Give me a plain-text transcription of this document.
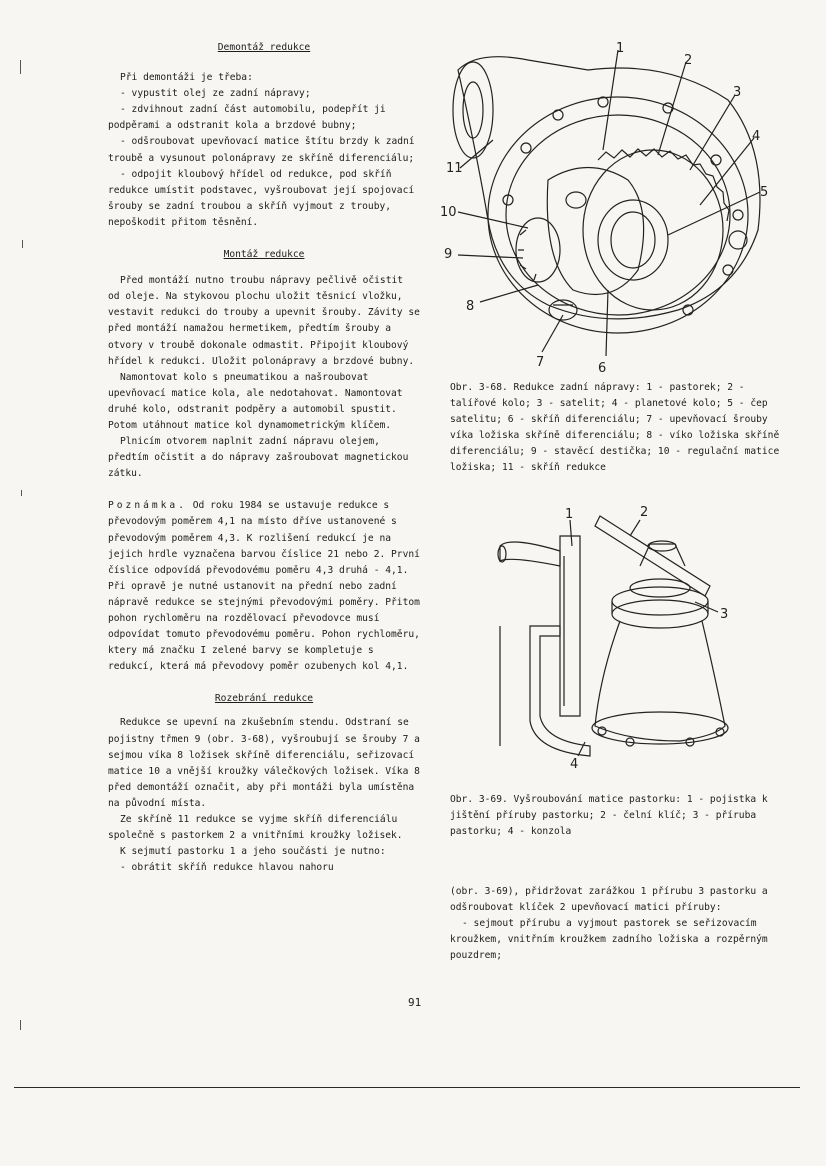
Demontáž redukce

Při demontáži je třeba:

- vypustit olej ze zadní nápravy;

- zdvihnout zadní část automobilu, podepřít ji podpěrami a odstranit kola a brzdové bubny;

- odšroubovat upevňovací matice štítu brzdy k zadní troubě a vysunout polonápravy ze skříně diferenciálu;

- odpojit kloubový hřídel od redukce, pod skříň redukce umístit podstavec, vyšroubovat její spojovací šrouby se zadní troubou a skříň vyjmout z trouby, nepoškodit přitom těsnění.

Montáž redukce

Před montáží nutno troubu nápravy pečlivě očistit od oleje. Na stykovou plochu uložit těsnicí vložku, vestavit redukci do trouby a upevnit šrouby. Závity se před montáží namažou hermetikem, předtím šrouby a otvory v troubě dokonale odmastit. Připojit kloubový hřídel k redukci. Uložit polonápravy a brzdové bubny.

Namontovat kolo s pneumatikou a našroubovat upevňovací matice kola, ale nedotahovat. Namontovat druhé kolo, odstranit podpěry a automobil spustit. Potom utáhnout matice kol dynamometrickým klíčem.

Plnicím otvorem naplnit zadní nápravu olejem, předtím očistit a do nápravy zašroubovat magnetickou zátku.

Poznámka. Od roku 1984 se ustavuje redukce s převodovým poměrem 4,1 na místo dříve ustanovené s převodovým poměrem 4,3. K rozlišení redukcí je na jejich hrdle vyznačena barvou číslice 21 nebo 2. První číslice odpovídá převodovému poměru 4,3 druhá - 4,1. Při opravě je nutné ustanovit na přední nebo zadní nápravě redukce se stejnými převodovými poměry. Přitom pohon rychloměru na rozdělovací převodovce musí odpovídat tomuto převodovému poměru. Pohon rychloměru, ktery má značku I zelené barvy se kompletuje s redukcí, která má převodovy poměr ozubenych kol 4,1.

Rozebrání redukce

Redukce se upevní na zkušebním stendu. Odstraní se pojistny třmen 9 (obr. 3-68), vyšroubují se šrouby 7 a sejmou víka 8 ložisek skříně diferenciálu, seřizovací matice 10 a vnější kroužky válečkových ložisek. Víka 8 před demontáží označit, aby při montáži byla umístěna na původní místa.

Ze skříně 11 redukce se vyjme skříň diferenciálu společně s pastorkem 2 a vnitřními kroužky ložisek.

K sejmutí pastorku 1 a jeho součásti je nutno:

- obrátit skříň redukce hlavou nahoru

1
2
3
4
5
6
7
8
9
10
11
Obr. 3-68. Redukce zadní nápravy: 1 - pastorek; 2 - talířové kolo; 3 - satelit; 4 - planetové kolo; 5 - čep satelitu; 6 - skříň diferenciálu; 7 - upevňovací šrouby víka ložiska skříně diferenciálu; 8 - víko ložiska skříně diferenciálu; 9 - stavěcí destička; 10 - regulační matice ložiska; 11 - skříň redukce
1	2
3
4
Obr. 3-69. Vyšroubování matice pastorku: 1 - pojistka k jištění příruby pastorku; 2 - čelní klíč; 3 - příruba pastorku; 4 - konzola

(obr. 3-69), přidržovat zarážkou 1 přírubu 3 pastorku a odšroubovat klíček 2 upevňovací matici příruby:

- sejmout přírubu a vyjmout pastorek se seřizovacím kroužkem, vnitřním kroužkem zadního ložiska a rozpěrným pouzdrem;

91
